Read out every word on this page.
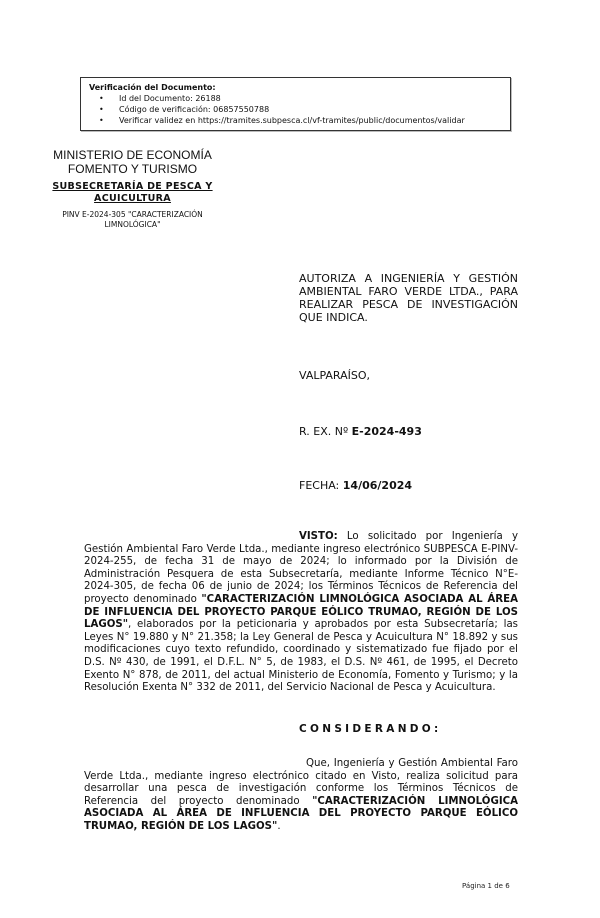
Verificación del Documento:
• Id del Documento: 26188
• Código de verificación: 06857550788
• Verificar validez en https://tramites.subpesca.cl/vf-tramites/public/documentos/validar
MINISTERIO DE ECONOMÍA
FOMENTO Y TURISMO
SUBSECRETARÍA DE PESCA Y
ACUICULTURA
PINV E-2024-305 "CARACTERIZACIÓN
LIMNOLÓGICA"
AUTORIZA A INGENIERÍA Y GESTIÓN
AMBIENTAL FARO VERDE LTDA., PARA
REALIZAR PESCA DE INVESTIGACIÓN
QUE INDICA.
VALPARAÍSO,
R. EX. Nº E-2024-493
FECHA: 14/06/2024
VISTO: Lo solicitado por Ingeniería y Gestión Ambiental Faro Verde Ltda., mediante ingreso electrónico SUBPESCA E-PINV-2024-255, de fecha 31 de mayo de 2024; lo informado por la División de Administración Pesquera de esta Subsecretaría, mediante Informe Técnico N°E-2024-305, de fecha 06 de junio de 2024; los Términos Técnicos de Referencia del proyecto denominado "CARACTERIZACIÓN LIMNOLÓGICA ASOCIADA AL ÁREA DE INFLUENCIA DEL PROYECTO PARQUE EÓLICO TRUMAO, REGIÓN DE LOS LAGOS", elaborados por la peticionaria y aprobados por esta Subsecretaría; las Leyes N° 19.880 y N° 21.358; la Ley General de Pesca y Acuicultura N° 18.892 y sus modificaciones cuyo texto refundido, coordinado y sistematizado fue fijado por el D.S. Nº 430, de 1991, el D.F.L. N° 5, de 1983, el D.S. Nº 461, de 1995, el Decreto Exento N° 878, de 2011, del actual Ministerio de Economía, Fomento y Turismo; y la Resolución Exenta N° 332 de 2011, del Servicio Nacional de Pesca y Acuicultura.
CONSIDERANDO:
Que, Ingeniería y Gestión Ambiental Faro Verde Ltda., mediante ingreso electrónico citado en Visto, realiza solicitud para desarrollar una pesca de investigación conforme los Términos Técnicos de Referencia del proyecto denominado "CARACTERIZACIÓN LIMNOLÓGICA ASOCIADA AL ÁREA DE INFLUENCIA DEL PROYECTO PARQUE EÓLICO TRUMAO, REGIÓN DE LOS LAGOS".
Página 1 de 6
